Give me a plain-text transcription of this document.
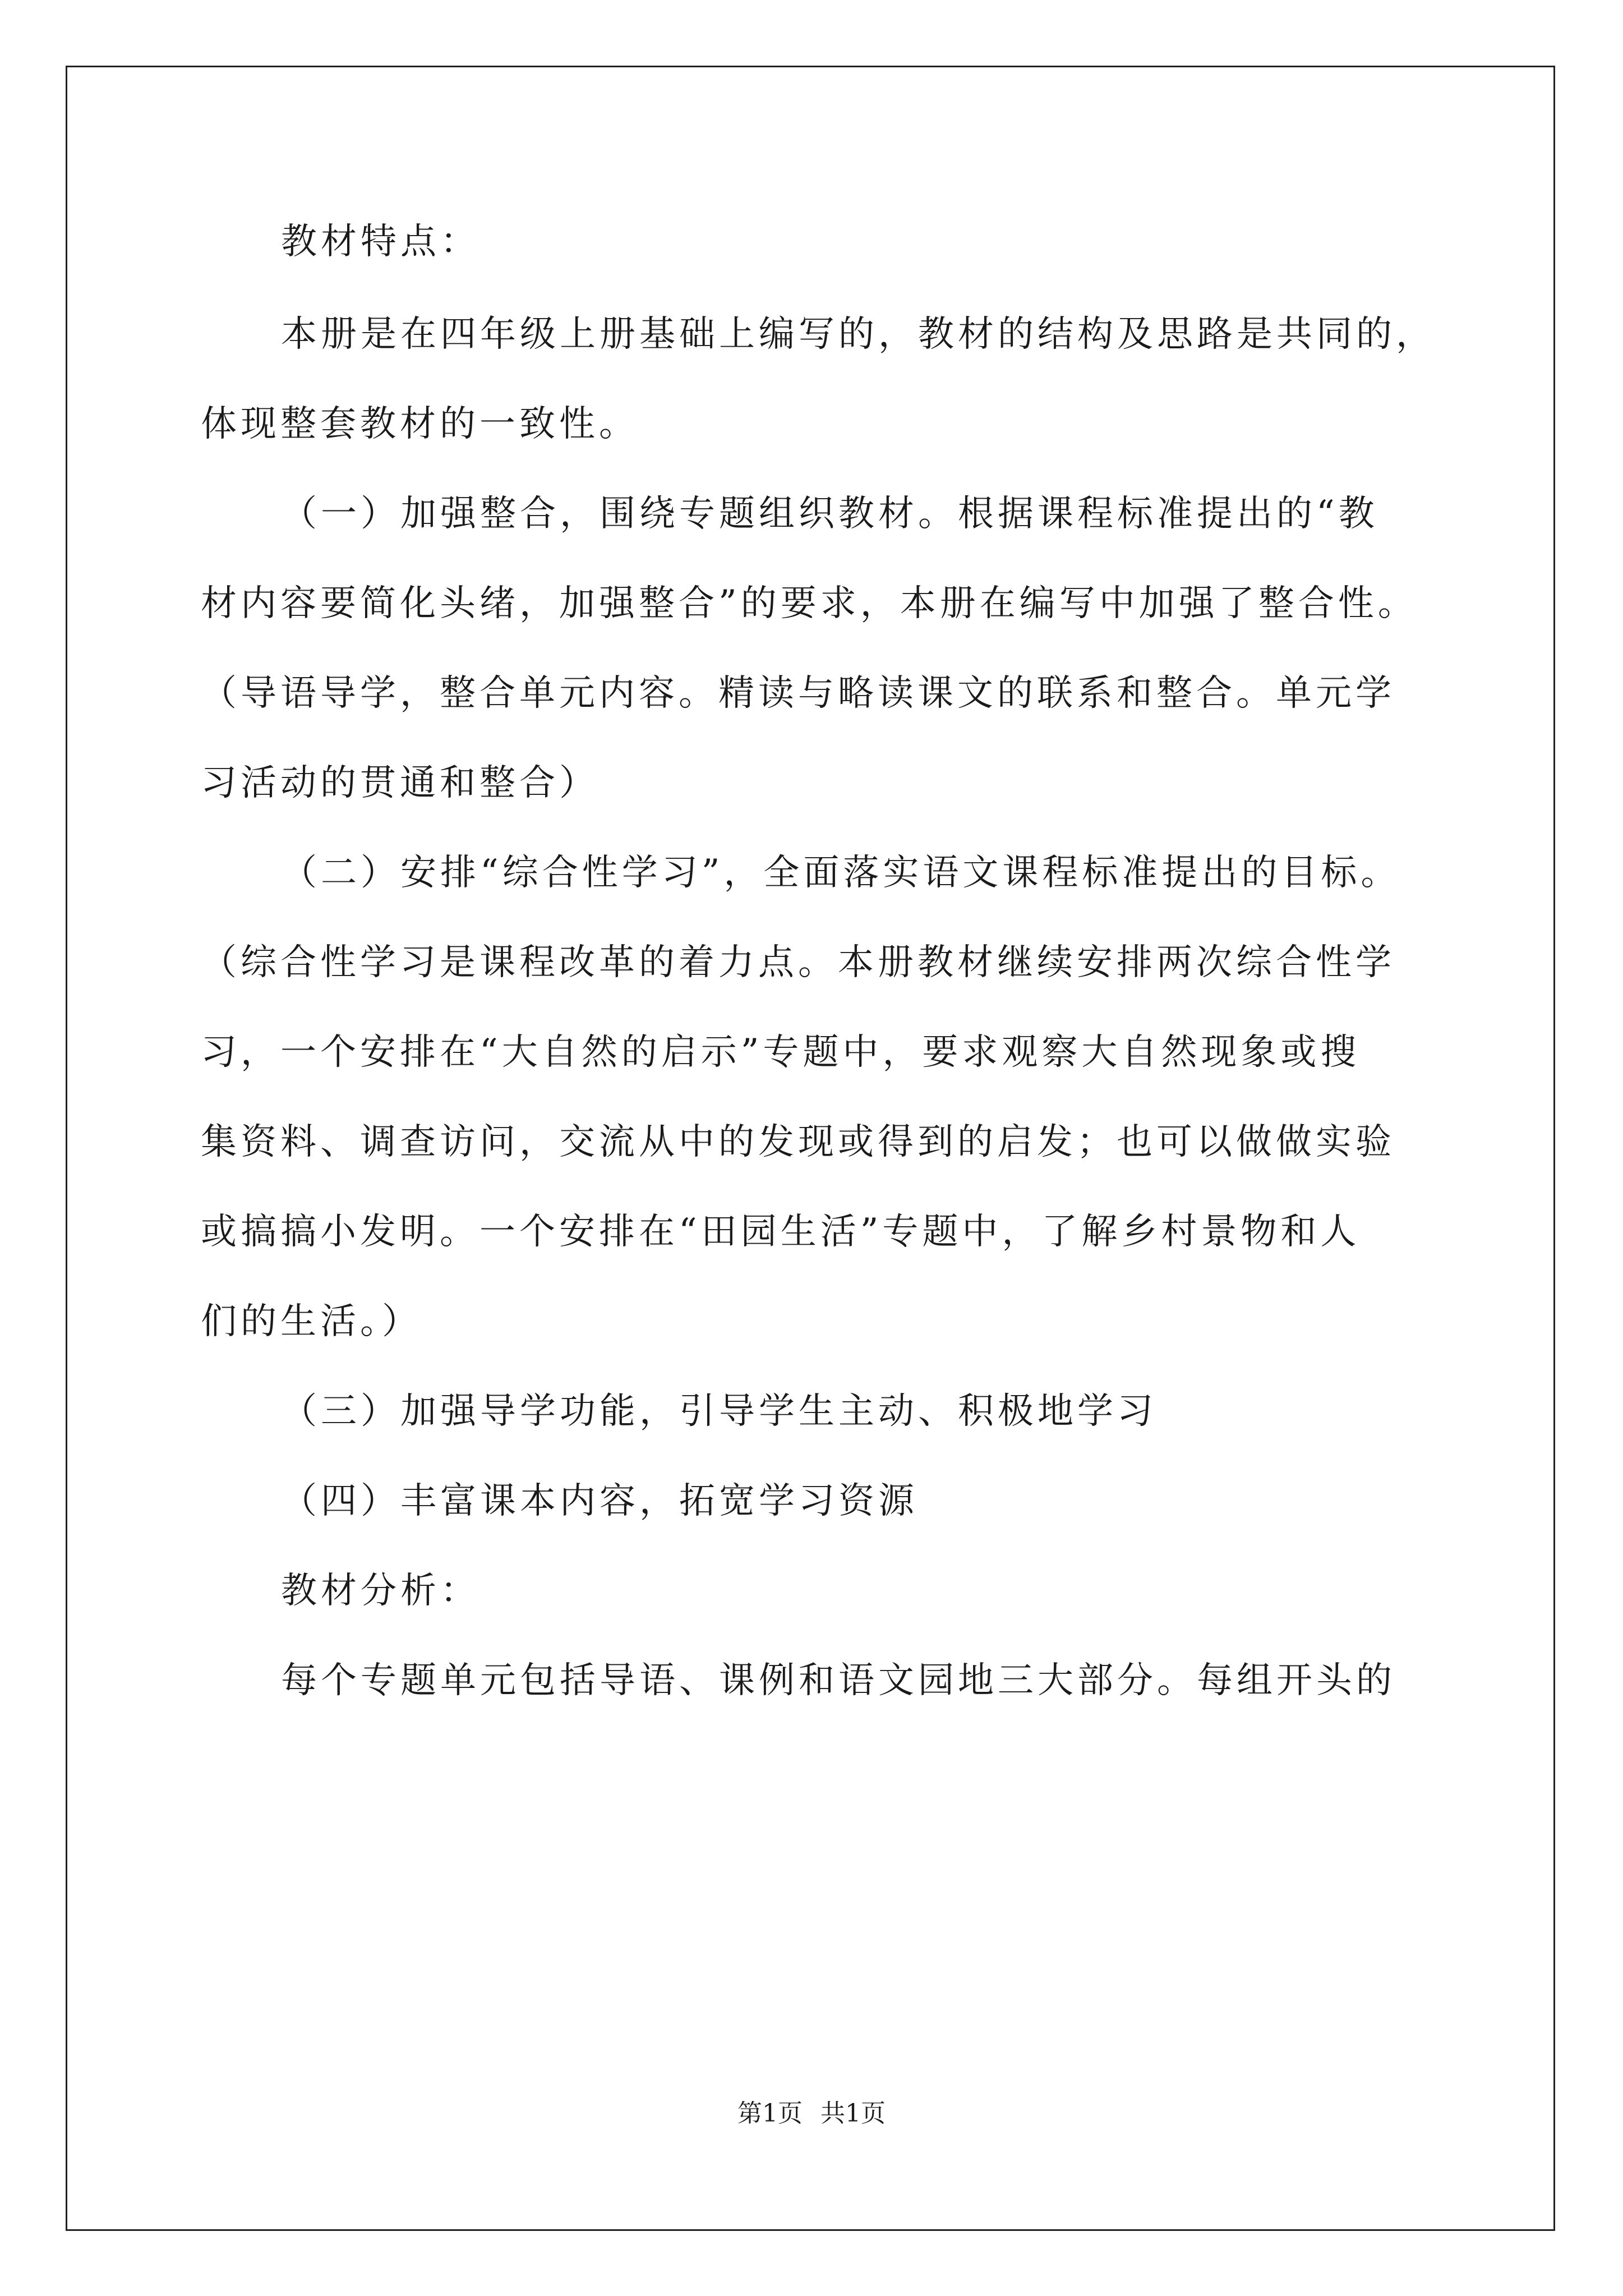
教材特点：
本册是在四年级上册基础上编写的，教材的结构及思路是共同的，
体现整套教材的一致性。
（一）加强整合，围绕专题组织教材。根据课程标准提出的“教
材内容要简化头绪，加强整合”的要求，本册在编写中加强了整合性。
（导语导学，整合单元内容。精读与略读课文的联系和整合。单元学
习活动的贯通和整合）
（二）安排“综合性学习”，全面落实语文课程标准提出的目标。
（综合性学习是课程改革的着力点。本册教材继续安排两次综合性学
习，一个安排在“大自然的启示”专题中，要求观察大自然现象或搜
集资料、调查访问，交流从中的发现或得到的启发；也可以做做实验
或搞搞小发明。一个安排在“田园生活”专题中，了解乡村景物和人
们的生活。）
（三）加强导学功能，引导学生主动、积极地学习
（四）丰富课本内容，拓宽学习资源
教材分析：
每个专题单元包括导语、课例和语文园地三大部分。每组开头的
第1页 共1页
